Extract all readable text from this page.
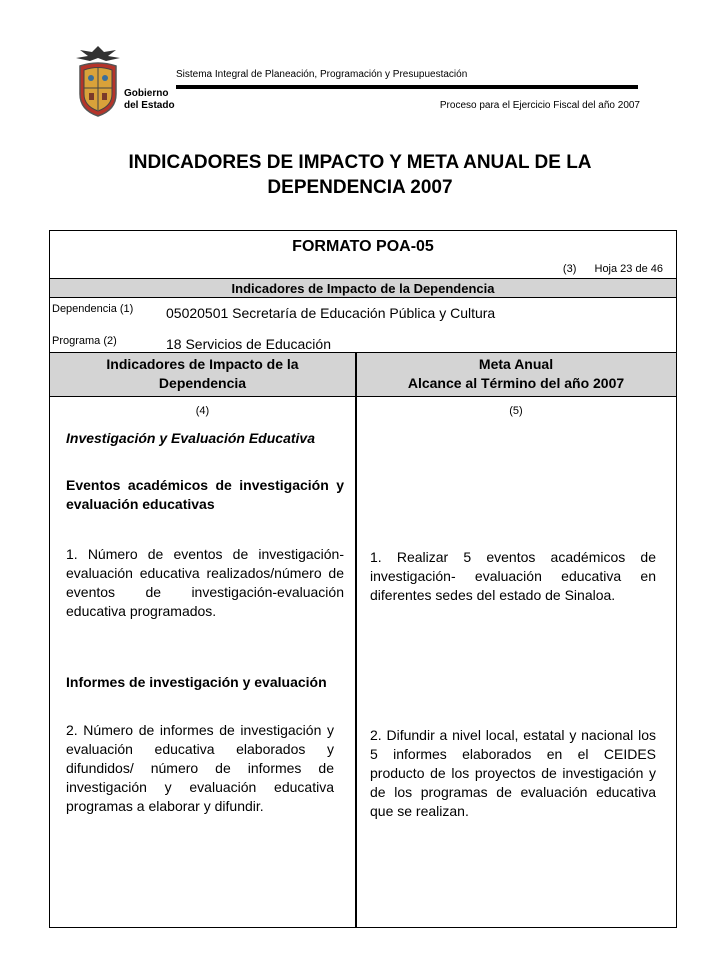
Gobierno
del Estado
Sistema Integral de Planeación, Programación y Presupuestación
Proceso para el Ejercicio Fiscal del año 2007
INDICADORES DE IMPACTO Y META ANUAL DE LA
DEPENDENCIA 2007
FORMATO POA-05
(3) Hoja 23 de 46
Indicadores de Impacto de la Dependencia
Dependencia (1) 05020501 Secretaría de Educación Pública y Cultura
Programa (2)	18 Servicios de Educación
Indicadores de Impacto de la
Dependencia
Meta Anual
Alcance al Término del año 2007
(4)	(5)
Investigación y Evaluación Educativa
Eventos académicos de investigación y evaluación educativas
1. Número de eventos de investigación-evaluación educativa realizados/número de eventos de investigación-evaluación educativa programados.
Informes de investigación y evaluación
2. Número de informes de investigación y evaluación educativa elaborados y difundidos/ número de informes de investigación y evaluación educativa programas a elaborar y difundir.
1. Realizar 5 eventos académicos de investigación- evaluación educativa en diferentes sedes del estado de Sinaloa.
2. Difundir a nivel local, estatal y nacional los 5 informes elaborados en el CEIDES producto de los proyectos de investigación y de los programas de evaluación educativa que se realizan.
